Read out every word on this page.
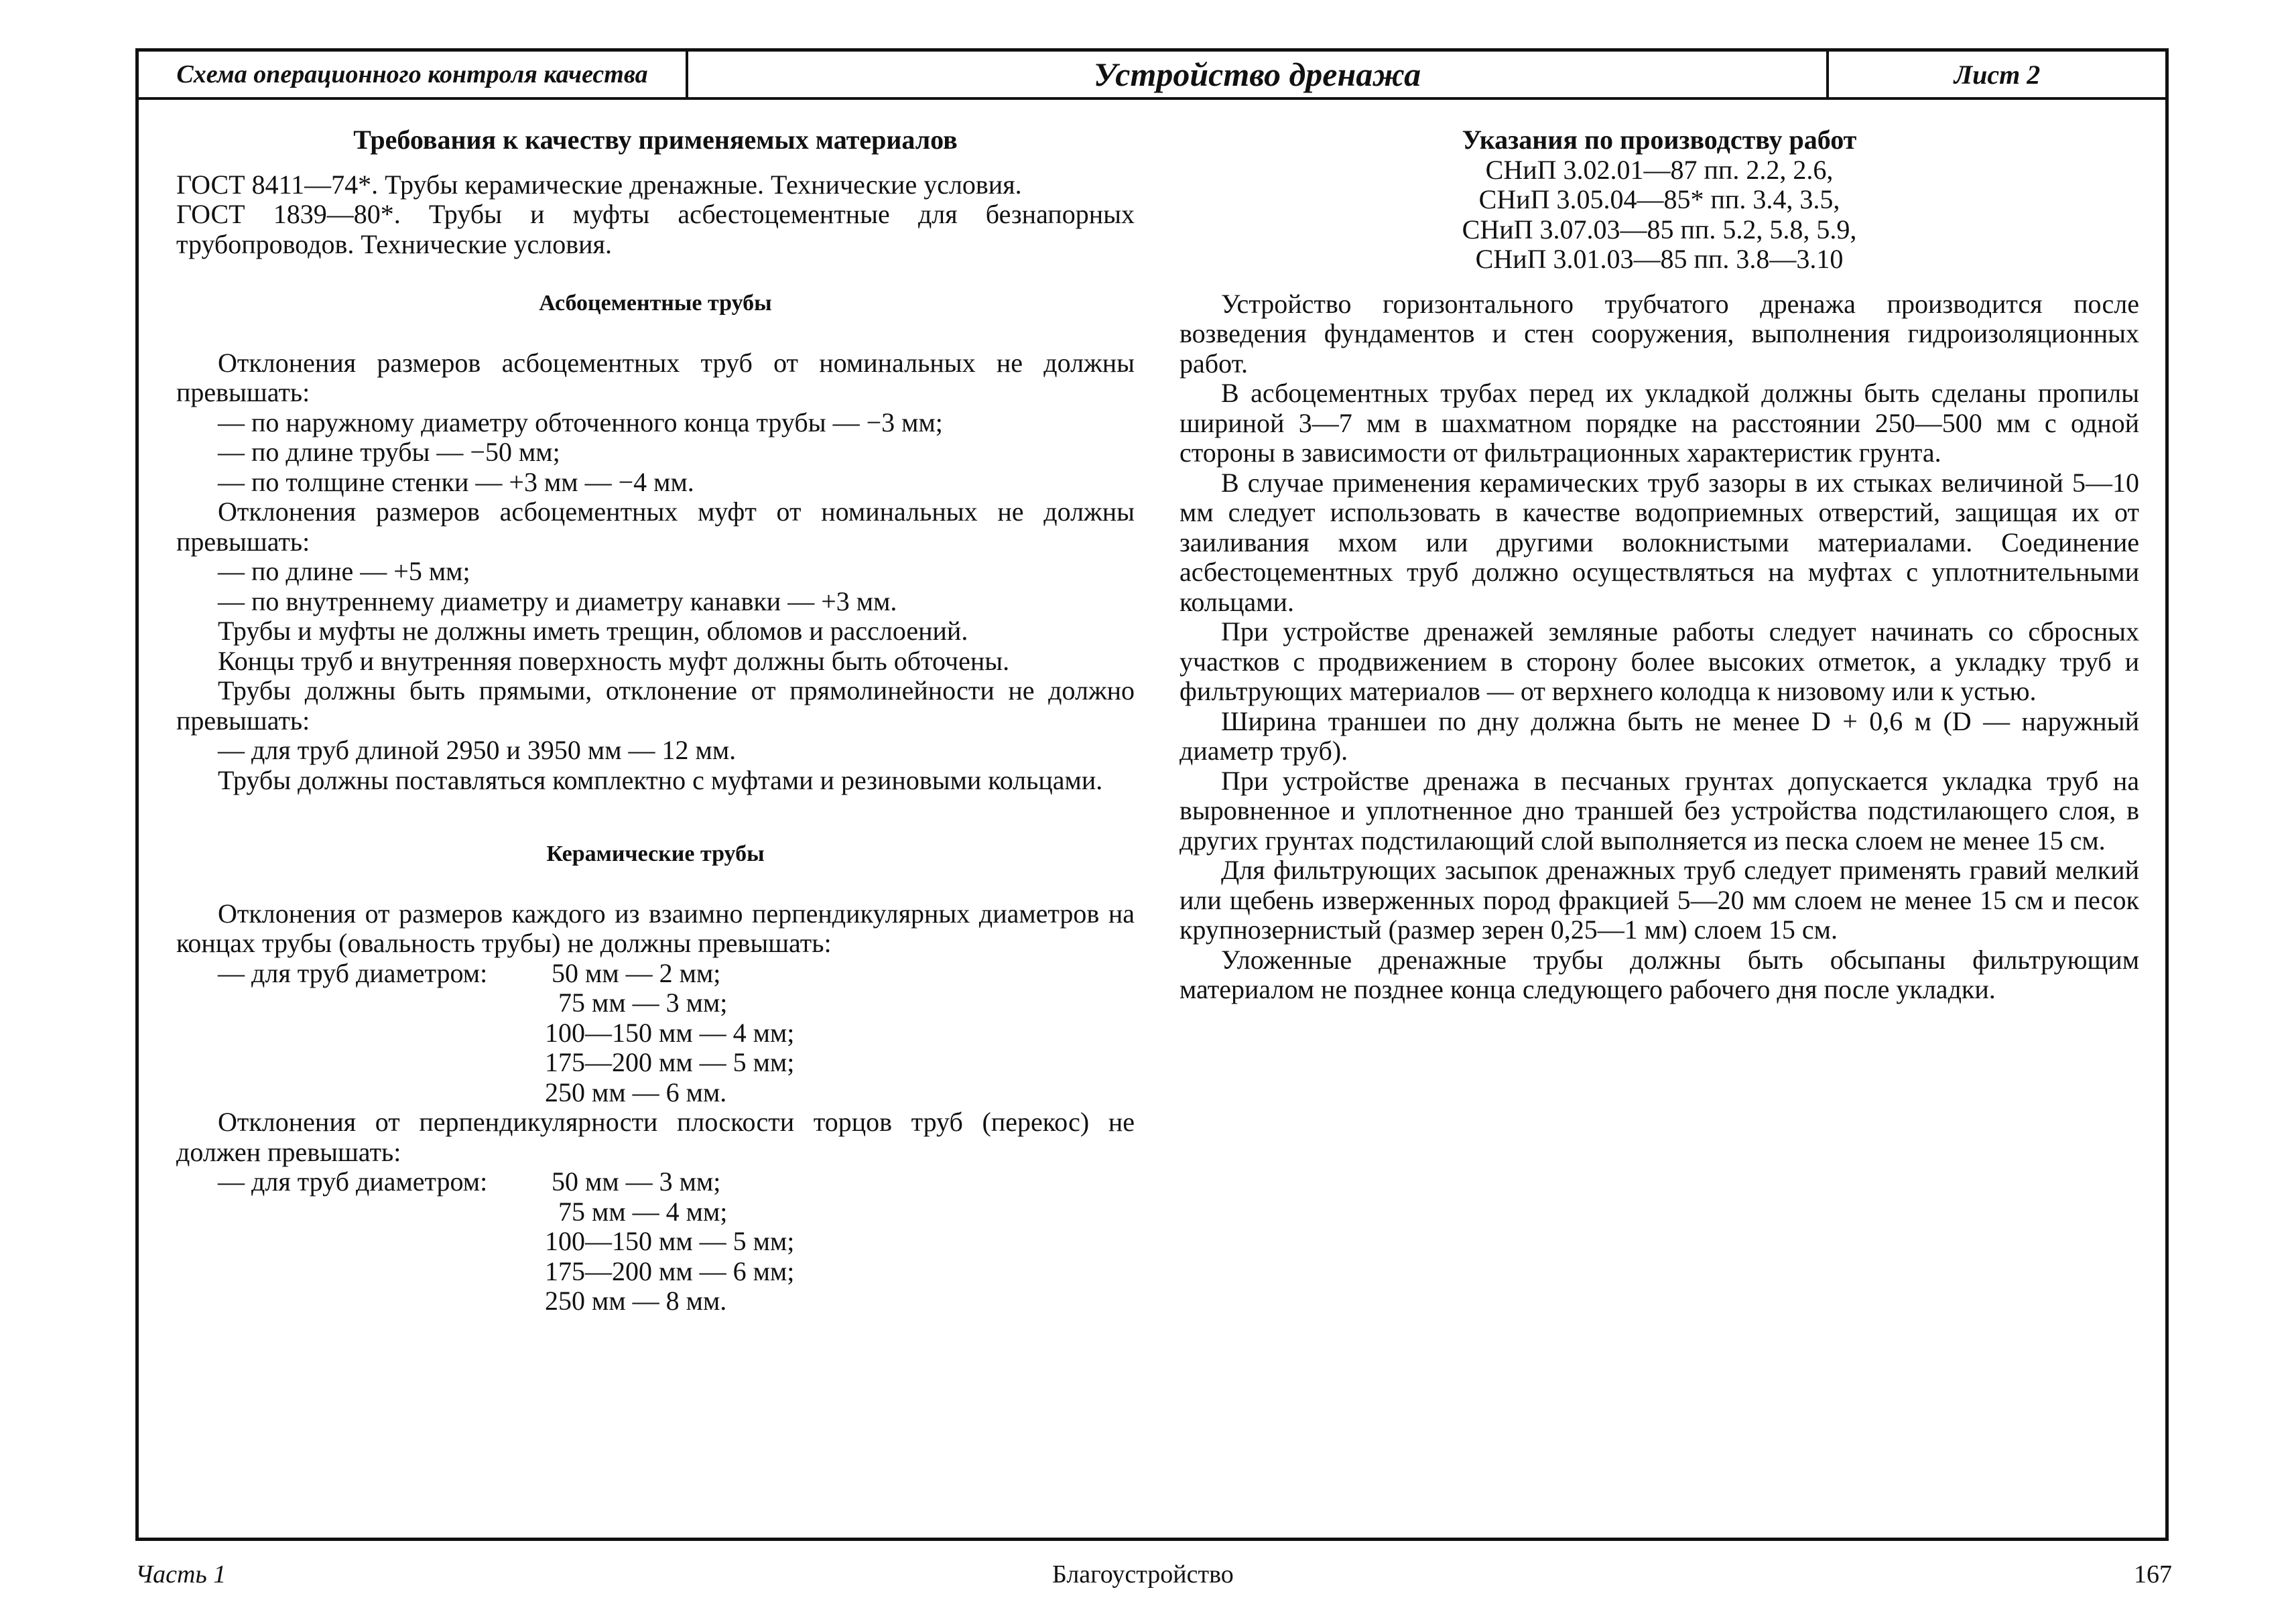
Схема операционного контроля качества	Устройство дренажа	Лист 2

Требования к качеству применяемых материалов

ГОСТ 8411—74*. Трубы керамические дренажные. Технические условия.

ГОСТ 1839—80*. Трубы и муфты асбестоцементные для безнапорных трубопроводов. Технические условия.

Асбоцементные трубы

Отклонения размеров асбоцементных труб от номинальных не должны превышать:

— по наружному диаметру обточенного конца трубы — −3 мм;

— по длине трубы — −50 мм;

— по толщине стенки — +3 мм — −4 мм.

Отклонения размеров асбоцементных муфт от номинальных не должны превышать:

— по длине — +5 мм;

— по внутреннему диаметру и диаметру канавки — +3 мм.

Трубы и муфты не должны иметь трещин, обломов и расслоений.

Концы труб и внутренняя поверхность муфт должны быть обточены.

Трубы должны быть прямыми, отклонение от прямолинейности не должно превышать:

— для труб длиной 2950 и 3950 мм — 12 мм.

Трубы должны поставляться комплектно с муфтами и резиновыми кольцами.

Керамические трубы

Отклонения от размеров каждого из взаимно перпендикулярных диаметров на концах трубы (овальность трубы) не должны превышать:

— для труб диаметром:	50 мм — 2 мм;
75 мм — 3 мм;
100—150 мм — 4 мм;
175—200 мм — 5 мм;
250 мм — 6 мм.

Отклонения от перпендикулярности плоскости торцов труб (перекос) не должен превышать:

— для труб диаметром:	50 мм — 3 мм;
75 мм — 4 мм;
100—150 мм — 5 мм;
175—200 мм — 6 мм;
250 мм — 8 мм.

Указания по производству работ

СНиП 3.02.01—87 пп. 2.2, 2.6,

СНиП 3.05.04—85* пп. 3.4, 3.5,

СНиП 3.07.03—85 пп. 5.2, 5.8, 5.9,

СНиП 3.01.03—85 пп. 3.8—3.10

Устройство горизонтального трубчатого дренажа производится после возведения фундаментов и стен сооружения, выполнения гидроизоляционных работ.

В асбоцементных трубах перед их укладкой должны быть сделаны пропилы шириной 3—7 мм в шахматном порядке на расстоянии 250—500 мм с одной стороны в зависимости от фильтрационных характеристик грунта.

В случае применения керамических труб зазоры в их стыках величиной 5—10 мм следует использовать в качестве водоприемных отверстий, защищая их от заиливания мхом или другими волокнистыми материалами. Соединение асбестоцементных труб должно осуществляться на муфтах с уплотнительными кольцами.

При устройстве дренажей земляные работы следует начинать со сбросных участков с продвижением в сторону более высоких отметок, а укладку труб и фильтрующих материалов — от верхнего колодца к низовому или к устью.

Ширина траншеи по дну должна быть не менее D + 0,6 м (D — наружный диаметр труб).

При устройстве дренажа в песчаных грунтах допускается укладка труб на выровненное и уплотненное дно траншей без устройства подстилающего слоя, в других грунтах подстилающий слой выполняется из песка слоем не менее 15 см.

Для фильтрующих засыпок дренажных труб следует применять гравий мелкий или щебень изверженных пород фракцией 5—20 мм слоем не менее 15 см и песок крупнозернистый (размер зерен 0,25—1 мм) слоем 15 см.

Уложенные дренажные трубы должны быть обсыпаны фильтрующим материалом не позднее конца следующего рабочего дня после укладки.

Часть 1	Благоустройство	167
